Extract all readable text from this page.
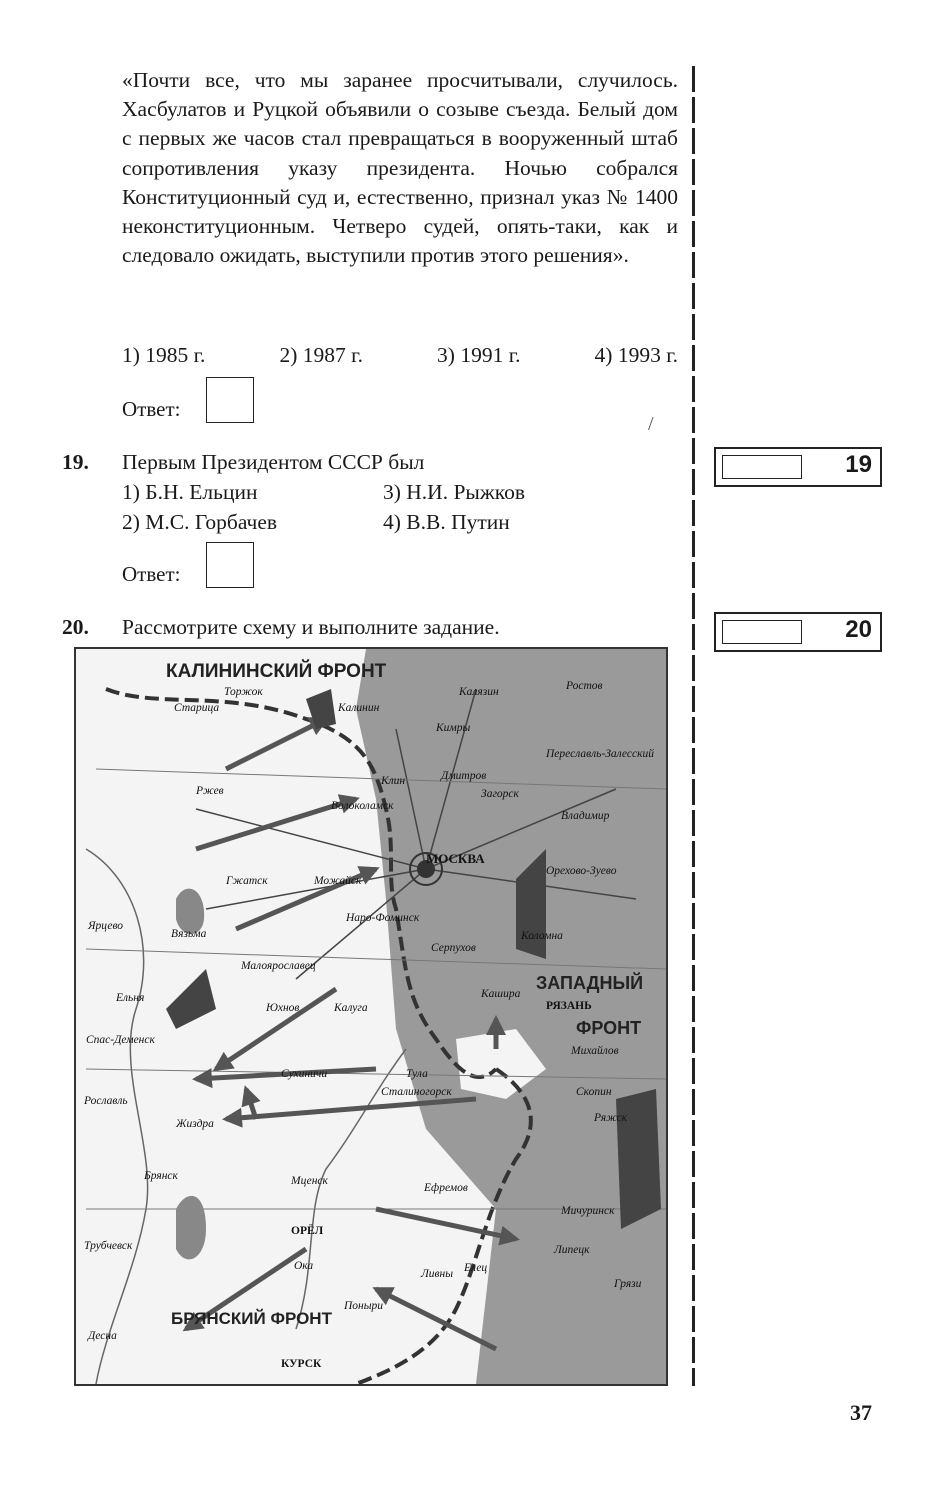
«Почти все, что мы заранее просчитывали, случилось. Хасбулатов и Руцкой объявили о созыве съезда. Белый дом с первых же часов стал превращаться в вооруженный штаб сопротивления указу президента. Ночью собрался Конституционный суд и, естественно, признал указ № 1400 неконституционным. Четверо судей, опять-таки, как и следовало ожидать, выступили против этого решения».
1) 1985 г.	2) 1987 г.	3) 1991 г.	4) 1993 г.
Ответ:
/
19. Первым Президентом СССР был
1) Б.Н. Ельцин
2) М.С. Горбачев
3) Н.И. Рыжков
4) В.В. Путин
Ответ:
20. Рассмотрите схему и выполните задание.
19
20
КАЛИНИНСКИЙ ФРОНТ
ЗАПАДНЫЙ
ФРОНТ
БРЯНСКИЙ ФРОНТ
МОСКВА
Калинин
Торжок
Старица
Калязин
Кимры
Ростов
Переславль-Залесский
Дмитров
Загорск
Клин
Владимир
Ржев
Волоколамск
Орехово-Зуево
Гжатск	Можайск
Наро-Фоминск
Коломна
Ярцево
Вязьма
Серпухов
Малоярославец
Кашира
Ельня
РЯЗАНЬ
Юхнов	Калуга
Спас-Деменск
Михайлов
Сухиничи	Тула
Рославль
Сталиногорск	Скопин
Жиздра	Ряжск
Брянск	Мценск
Ефремов
Мичуринск
Трубчевск
ОРЁЛ
Ливны Елец
Липецк
Грязи
Поныри
КУРСК
Ока
Десна
37
